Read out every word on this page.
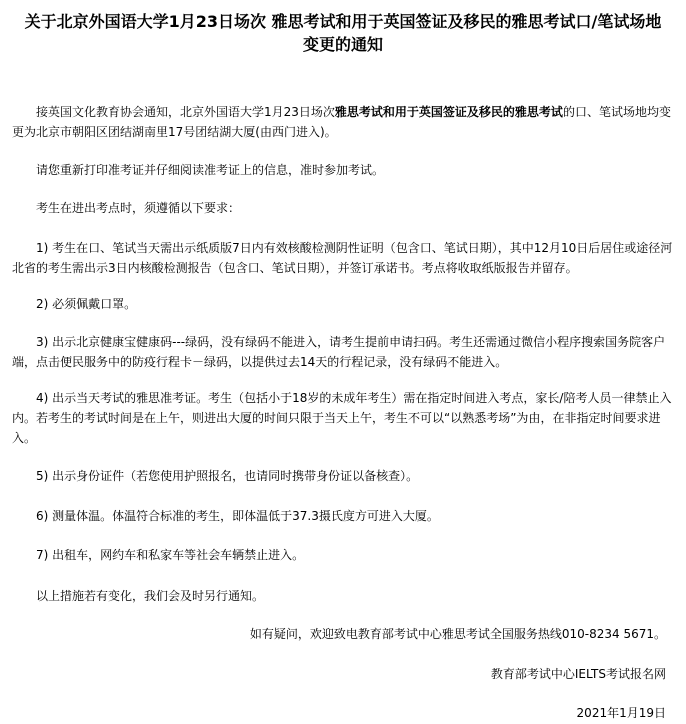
关于北京外国语大学1月23日场次 雅思考试和用于英国签证及移民的雅思考试口/笔试场地
变更的通知

接英国文化教育协会通知，北京外国语大学1月23日场次雅思考试和用于英国签证及移民的雅思考试的口、笔试场地均变更为北京市朝阳区团结湖南里17号团结湖大厦(由西门进入)。

请您重新打印准考证并仔细阅读准考证上的信息，准时参加考试。

考生在进出考点时，须遵循以下要求：

1) 考生在口、笔试当天需出示纸质版7日内有效核酸检测阴性证明（包含口、笔试日期），其中12月10日后居住或途径河北省的考生需出示3日内核酸检测报告（包含口、笔试日期），并签订承诺书。考点将收取纸版报告并留存。

2) 必须佩戴口罩。

3) 出示北京健康宝健康码---绿码，没有绿码不能进入，请考生提前申请扫码。考生还需通过微信小程序搜索国务院客户端，点击便民服务中的防疫行程卡－绿码，以提供过去14天的行程记录，没有绿码不能进入。

4) 出示当天考试的雅思准考证。考生（包括小于18岁的未成年考生）需在指定时间进入考点，家长/陪考人员一律禁止入内。若考生的考试时间是在上午，则进出大厦的时间只限于当天上午，考生不可以“以熟悉考场”为由，在非指定时间要求进入。

5) 出示身份证件（若您使用护照报名，也请同时携带身份证以备核查）。

6) 测量体温。体温符合标准的考生，即体温低于37.3摄氏度方可进入大厦。

7) 出租车，网约车和私家车等社会车辆禁止进入。

以上措施若有变化，我们会及时另行通知。

如有疑问，欢迎致电教育部考试中心雅思考试全国服务热线010-8234 5671。

教育部考试中心IELTS考试报名网

2021年1月19日
